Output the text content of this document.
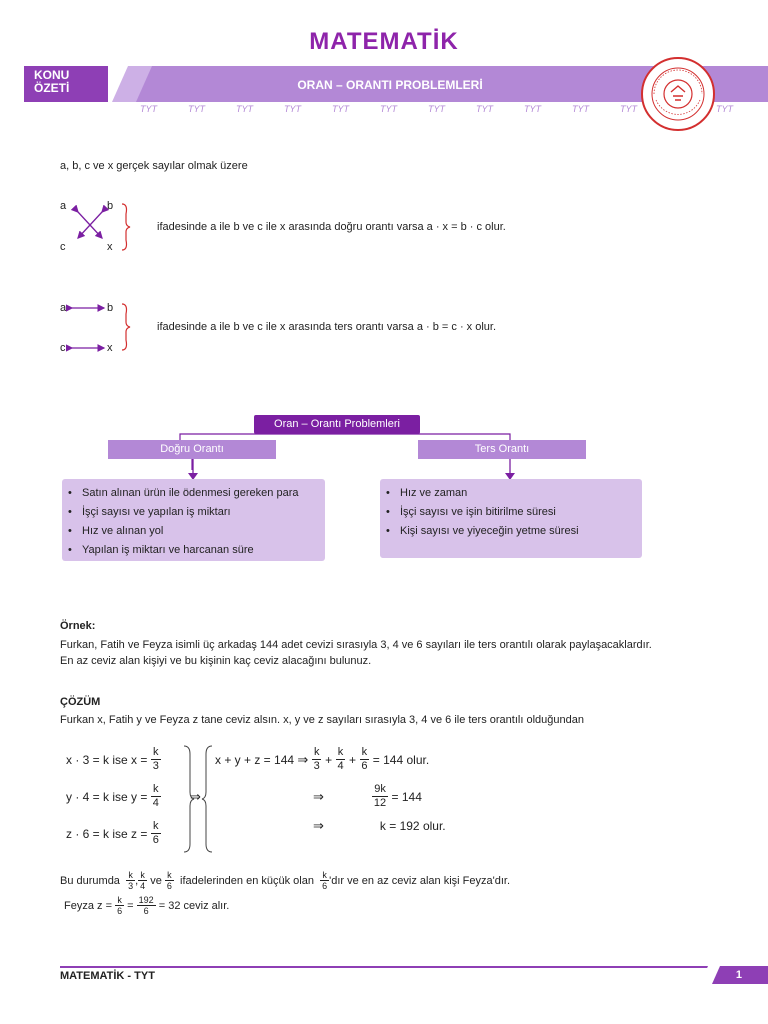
MATEMATİK
KONU
ÖZETİ	ORAN – ORANTI PROBLEMLERİ
TYT	TYT	TYT	TYT	TYT	TYT	TYT	TYT	TYT	TYT	TYT	TYT
a, b, c ve x gerçek sayılar olmak üzere
a	b
c	x
ifadesinde a ile b ve c ile x arasında doğru orantı varsa a · x = b · c olur.
a	b
c	x
ifadesinde a ile b ve c ile x arasında ters orantı varsa a · b = c · x olur.
Oran – Orantı Problemleri
Doğru Orantı	Ters Orantı
• Satın alınan ürün ile ödenmesi gereken para
• İşçi sayısı ve yapılan iş miktarı
• Hız ve alınan yol
• Yapılan iş miktarı ve harcanan süre
• Hız ve zaman
• İşçi sayısı ve işin bitirilme süresi
• Kişi sayısı ve yiyeceğin yetme süresi
Örnek:
Furkan, Fatih ve Feyza isimli üç arkadaş 144 adet cevizi sırasıyla 3, 4 ve 6 sayıları ile ters orantılı olarak paylaşacaklardır.
En az ceviz alan kişiyi ve bu kişinin kaç ceviz alacağını bulunuz.
ÇÖZÜM
Furkan x, Fatih y ve Feyza z tane ceviz alsın. x, y ve z sayıları sırasıyla 3, 4 ve 6 ile ters orantılı olduğundan
x · 3 = k ise x =
$\frac{k}{3}$
y · 4 = k ise y =
$\frac{k}{4}$
z · 6 = k ise z =
$\frac{k}{6}$
⇒
x + y + z = 144
⇒
$\frac{k}{3}$
+
$\frac{k}{4}$
+
$\frac{k}{6}$
= 144 olur.
⇒	$\frac{9k}{12}$
= 144
⇒	k = 192 olur.
Bu durumda
$\frac{k}{3}$ , $\frac{k}{4}$
ve
$\frac{k}{6}$
ifadelerinden en küçük olan
$\frac{k}{6}$ 'dır ve en az ceviz alan kişi Feyza'dır.
Feyza z =
$\frac{k}{6}$
=
$\frac{192}{6}$
= 32 ceviz alır.
MATEMATİK - TYT	1
